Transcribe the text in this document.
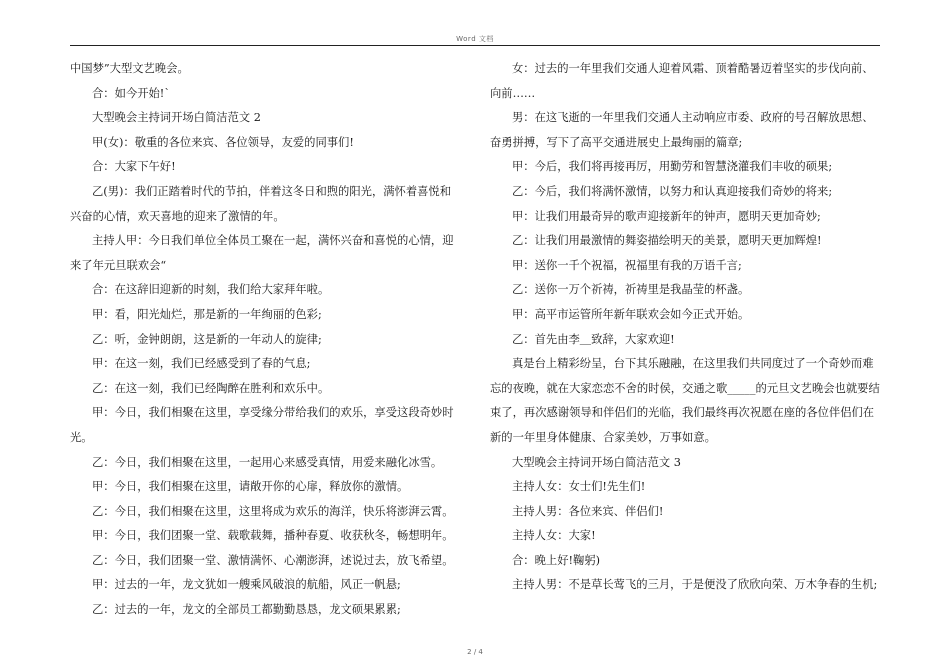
Word 文档

中国梦”大型文艺晚会。

合：如今开始!`

大型晚会主持词开场白简洁范文 2

甲(女)：敬重的各位来宾、各位领导，友爱的同事们!

合：大家下午好!

乙(男)：我们正踏着时代的节拍，伴着这冬日和煦的阳光，满怀着喜悦和兴奋的心情，欢天喜地的迎来了激情的年。

主持人甲：今日我们单位全体员工聚在一起，满怀兴奋和喜悦的心情，迎来了年元旦联欢会“

合：在这辞旧迎新的时刻，我们给大家拜年啦。

甲：看，阳光灿烂，那是新的一年绚丽的色彩;

乙：听，金钟朗朗，这是新的一年动人的旋律;

甲：在这一刻，我们已经感受到了春的气息;

乙：在这一刻，我们已经陶醉在胜利和欢乐中。

甲：今日，我们相聚在这里，享受缘分带给我们的欢乐，享受这段奇妙时光。

乙：今日，我们相聚在这里，一起用心来感受真情，用爱来融化冰雪。

甲：今日，我们相聚在这里，请敞开你的心扉，释放你的激情。

乙：今日，我们相聚在这里，这里将成为欢乐的海洋，快乐将澎湃云霄。

甲：今日，我们团聚一堂、载歌载舞，播种春夏、收获秋冬，畅想明年。

乙：今日，我们团聚一堂、激情满怀、心潮澎湃，述说过去，放飞希望。

甲：过去的一年，龙文犹如一艘乘风破浪的航船，风正一帆悬;

乙：过去的一年，龙文的全部员工都勤勤恳恳，龙文硕果累累;

女：过去的一年里我们交通人迎着风霜、顶着酷暑迈着坚实的步伐向前、向前……

男：在这飞逝的一年里我们交通人主动响应市委、政府的号召解放思想、奋勇拼搏，写下了高平交通进展史上最绚丽的篇章;

甲：今后，我们将再接再厉，用勤劳和智慧浇灌我们丰收的硕果;

乙：今后，我们将满怀激情，以努力和认真迎接我们奇妙的将来;

甲：让我们用最奇异的歌声迎接新年的钟声，愿明天更加奇妙;

乙：让我们用最激情的舞姿描绘明天的美景，愿明天更加辉煌!

甲：送你一千个祝福，祝福里有我的万语千言;

乙：送你一万个祈祷，祈祷里是我晶莹的杯盏。

甲：高平市运管所年新年联欢会如今正式开始。

乙：首先由李＿致辞，大家欢迎!

真是台上精彩纷呈，台下其乐融融，在这里我们共同度过了一个奇妙而难忘的夜晚，就在大家恋恋不舍的时侯，交通之歌_____的元旦文艺晚会也就要结束了，再次感谢领导和伴侣们的光临，我们最终再次祝愿在座的各位伴侣们在新的一年里身体健康、合家美妙，万事如意。

大型晚会主持词开场白简洁范文 3

主持人女：女士们!先生们!

主持人男：各位来宾、伴侣们!

主持人女：大家!

合：晚上好!鞠躬)

主持人男：不是草长莺飞的三月，于是便没了欣欣向荣、万木争春的生机;

2 / 4
